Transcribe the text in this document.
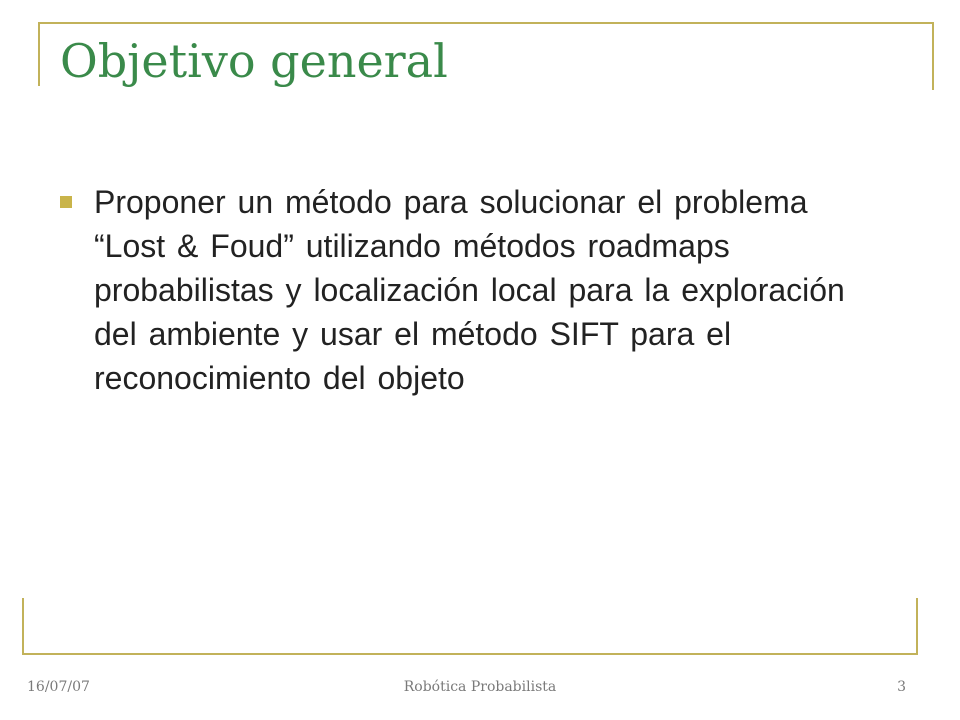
Objetivo general
Proponer un método para solucionar el problema “Lost & Foud” utilizando métodos roadmaps probabilistas y localización local para la exploración del ambiente y usar el método SIFT para el reconocimiento del objeto
16/07/07	Robótica Probabilista	3
